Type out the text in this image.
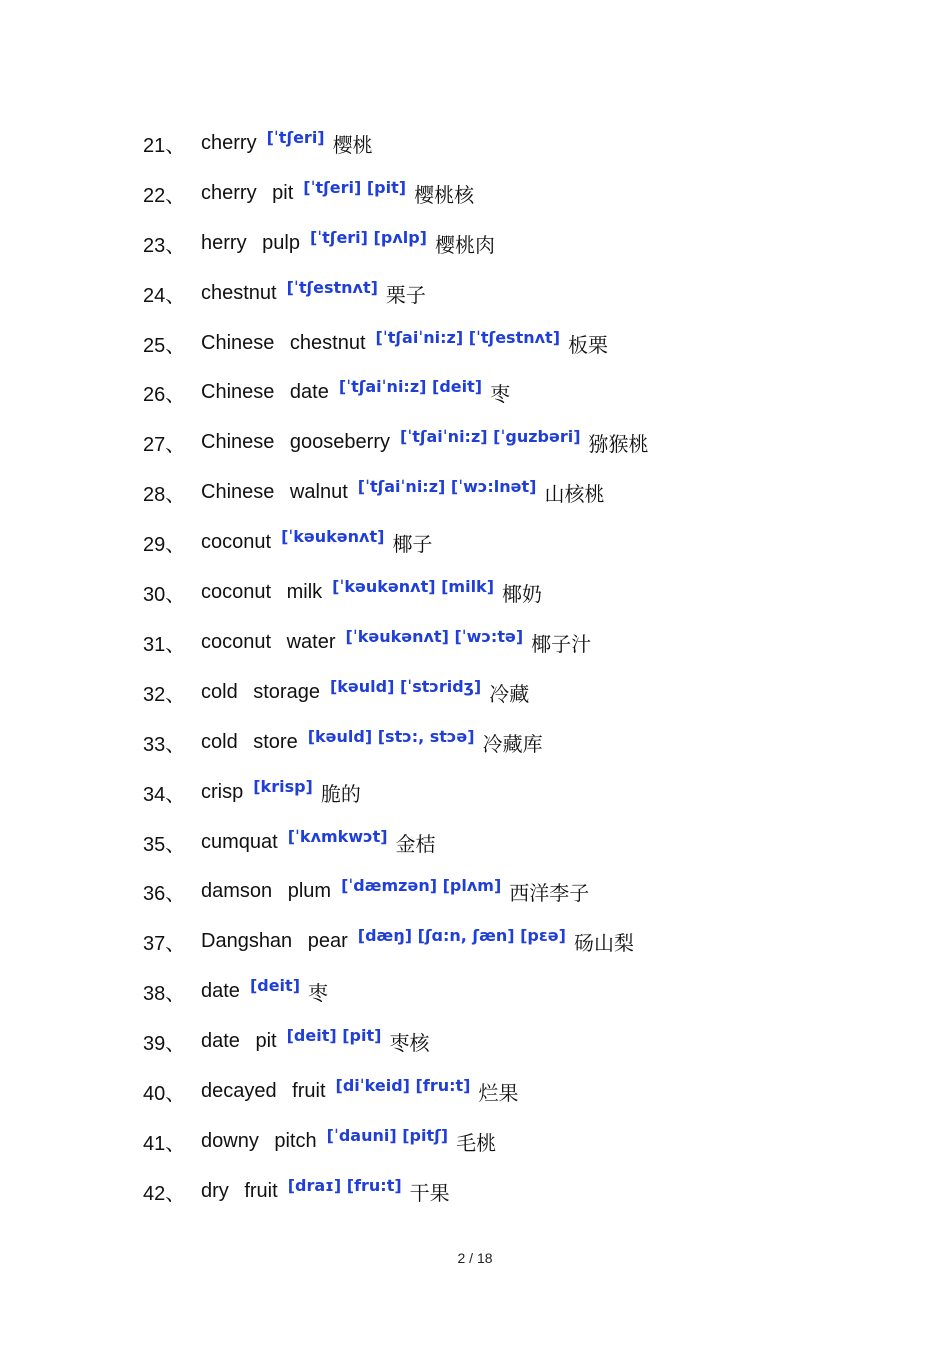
21、 cherry [ˈtʃeri] 樱桃
22、 cherry pit [ˈtʃeri] [pit] 樱桃核
23、 herry pulp [ˈtʃeri] [pʌlp] 樱桃肉
24、 chestnut [ˈtʃestnʌt] 栗子
25、 Chinese chestnut [ˈtʃaiˈni:z] [ˈtʃestnʌt] 板栗
26、 Chinese date [ˈtʃaiˈni:z] [deit] 枣
27、 Chinese gooseberry [ˈtʃaiˈni:z] [ˈguzbəri] 猕猴桃
28、 Chinese walnut [ˈtʃaiˈni:z] [ˈwɔ:lnət] 山核桃
29、 coconut [ˈkəukənʌt] 椰子
30、 coconut milk [ˈkəukənʌt] [milk] 椰奶
31、 coconut water [ˈkəukənʌt] [ˈwɔ:tə] 椰子汁
32、 cold storage [kəuld] [ˈstɔridʒ] 冷藏
33、 cold store [kəuld] [stɔ:, stɔə] 冷藏库
34、 crisp [krisp] 脆的
35、 cumquat [ˈkʌmkwɔt] 金桔
36、 damson plum [ˈdæmzən] [plʌm] 西洋李子
37、 Dangshan pear [dæŋ] [ʃɑ:n, ʃæn] [pɛə] 砀山梨
38、 date [deit] 枣
39、 date pit [deit] [pit] 枣核
40、 decayed fruit [diˈkeid] [fru:t] 烂果
41、 downy pitch [ˈdauni] [pitʃ] 毛桃
42、 dry fruit [draɪ] [fru:t] 干果
2 / 18
